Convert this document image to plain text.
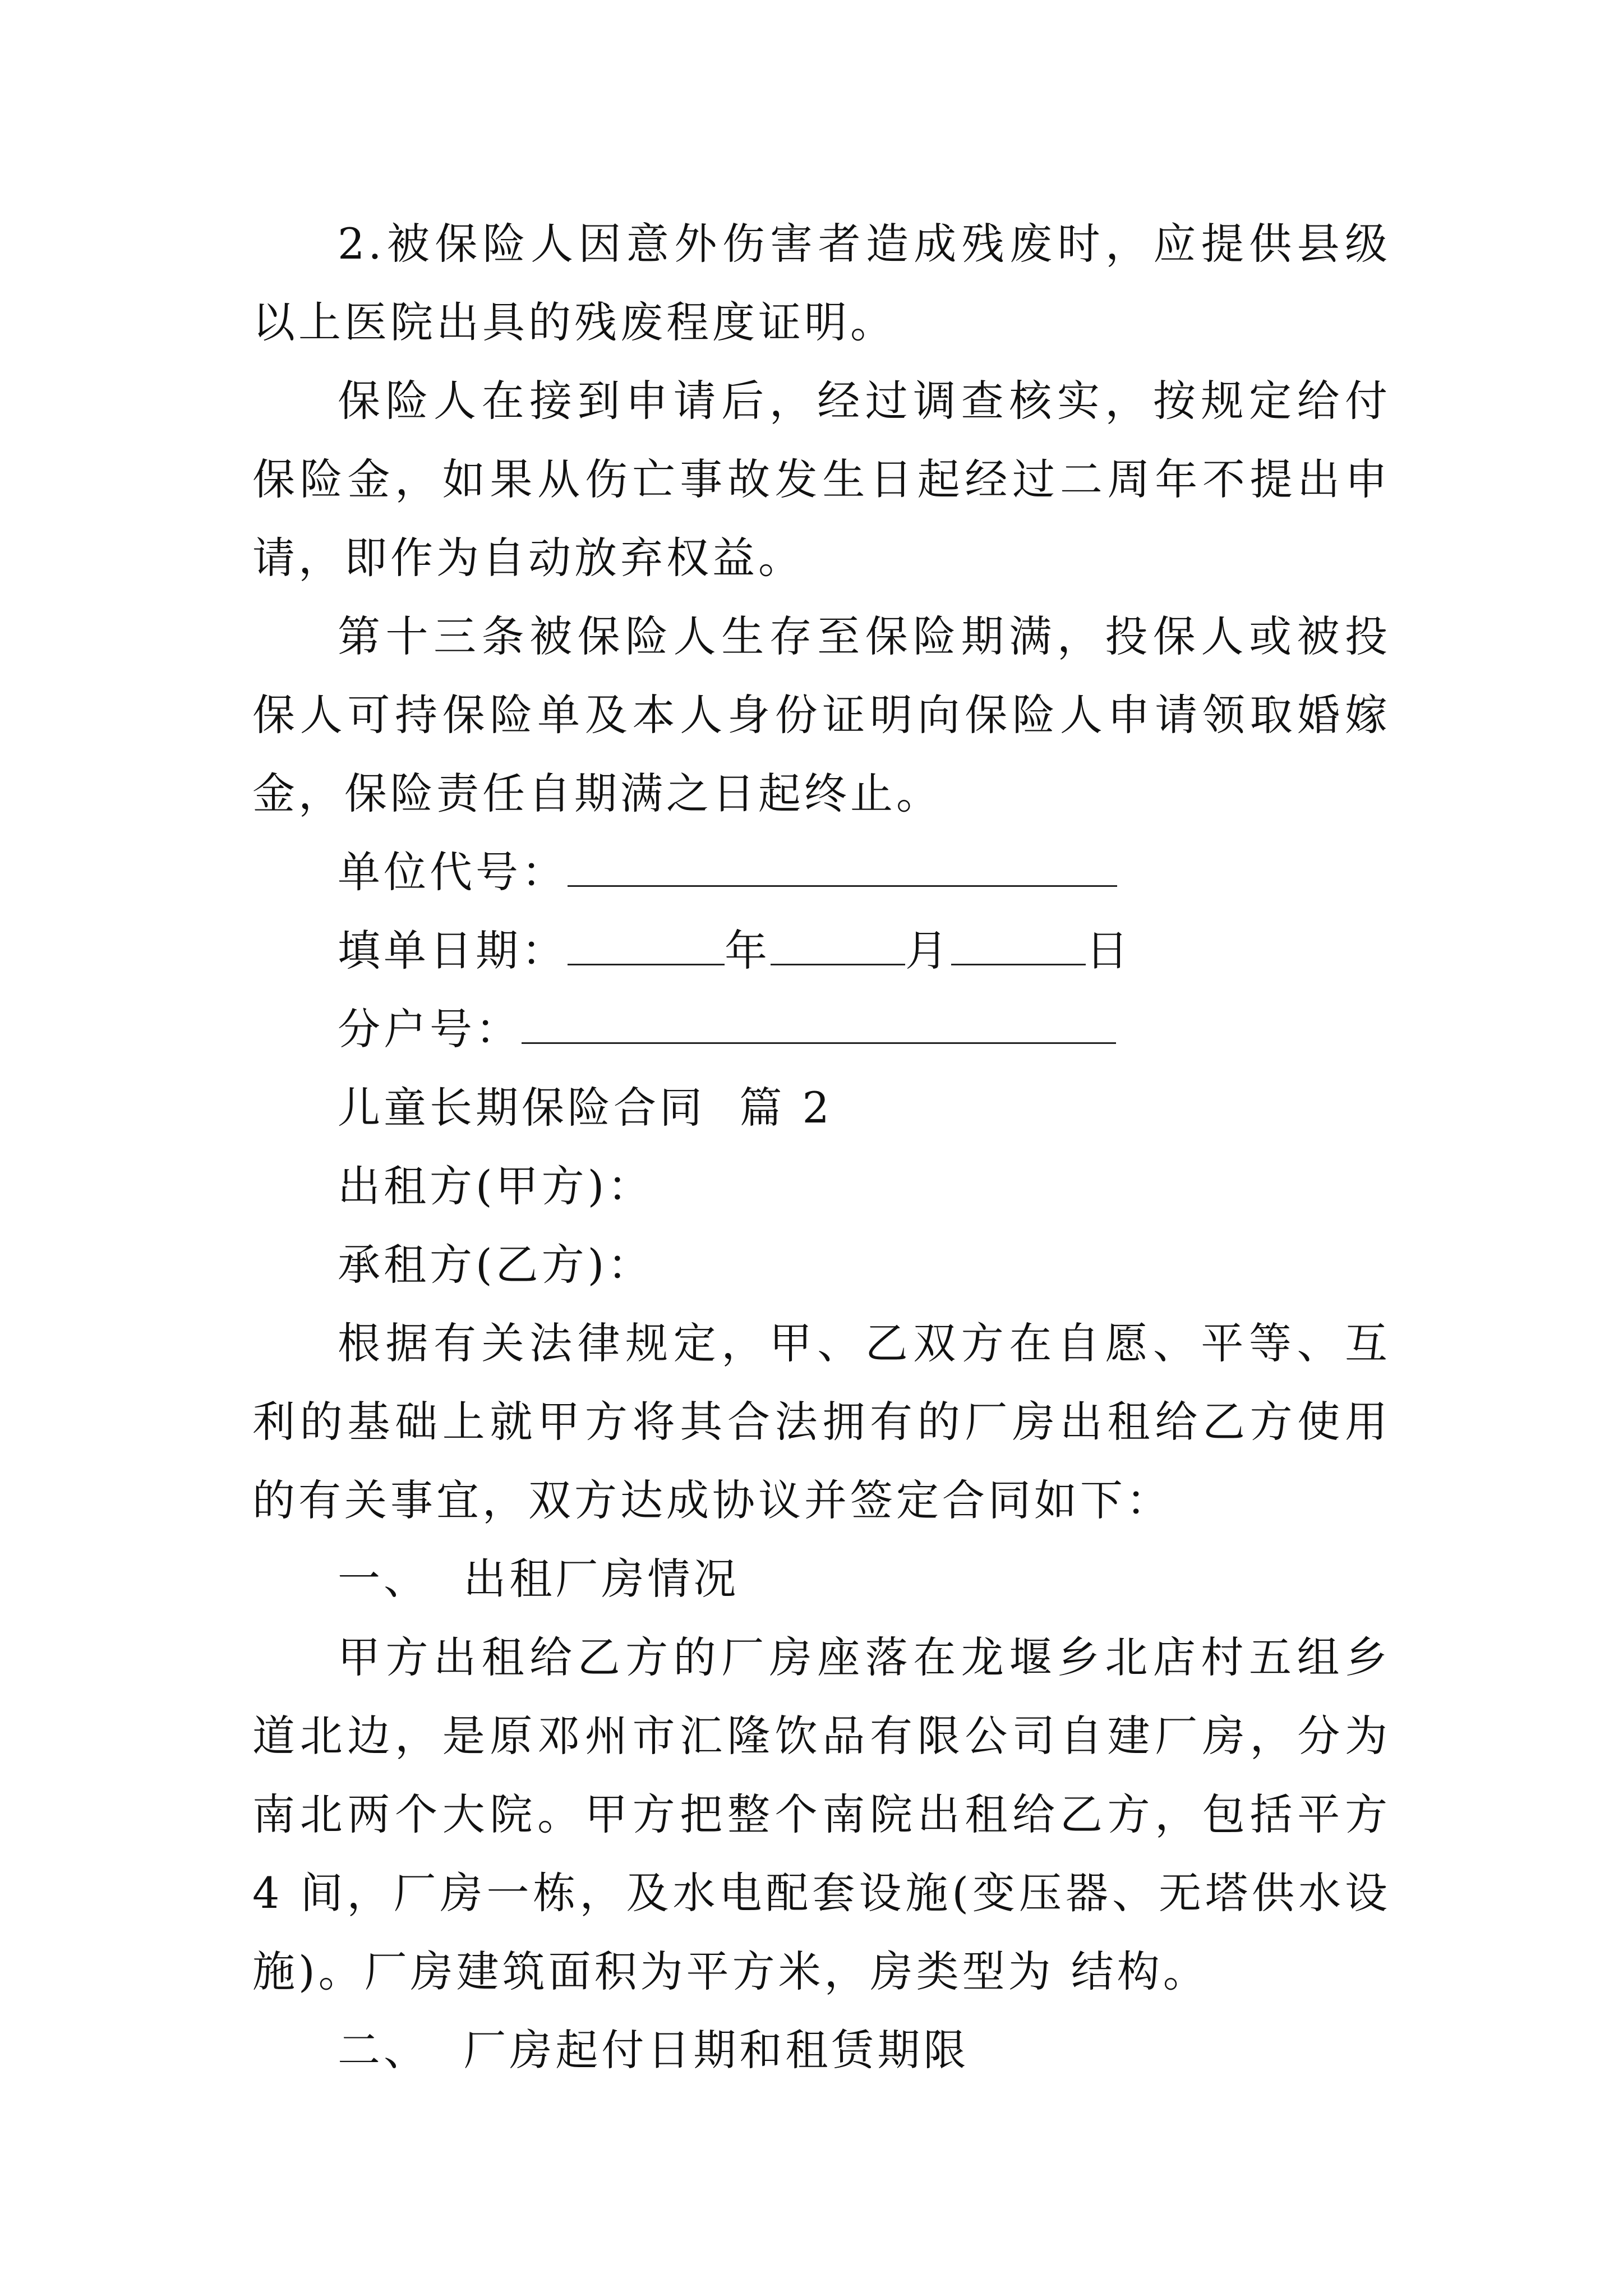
2.被保险人因意外伤害者造成残废时，应提供县级以上医院出具的残废程度证明。

保险人在接到申请后，经过调查核实，按规定给付保险金，如果从伤亡事故发生日起经过二周年不提出申请，即作为自动放弃权益。

第十三条被保险人生存至保险期满，投保人或被投保人可持保险单及本人身份证明向保险人申请领取婚嫁金，保险责任自期满之日起终止。

单位代号：
填单日期：	年	月	日
分户号：
儿童长期保险合同  篇 2
出租方(甲方)：
承租方(乙方)：

根据有关法律规定，甲、乙双方在自愿、平等、互利的基础上就甲方将其合法拥有的厂房出租给乙方使用的有关事宜，双方达成协议并签定合同如下：

一、  出租厂房情况

甲方出租给乙方的厂房座落在龙堰乡北店村五组乡道北边，是原邓州市汇隆饮品有限公司自建厂房，分为南北两个大院。甲方把整个南院出租给乙方，包括平方 4 间，厂房一栋，及水电配套设施(变压器、无塔供水设施)。厂房建筑面积为平方米，房类型为 结构。

二、  厂房起付日期和租赁期限
